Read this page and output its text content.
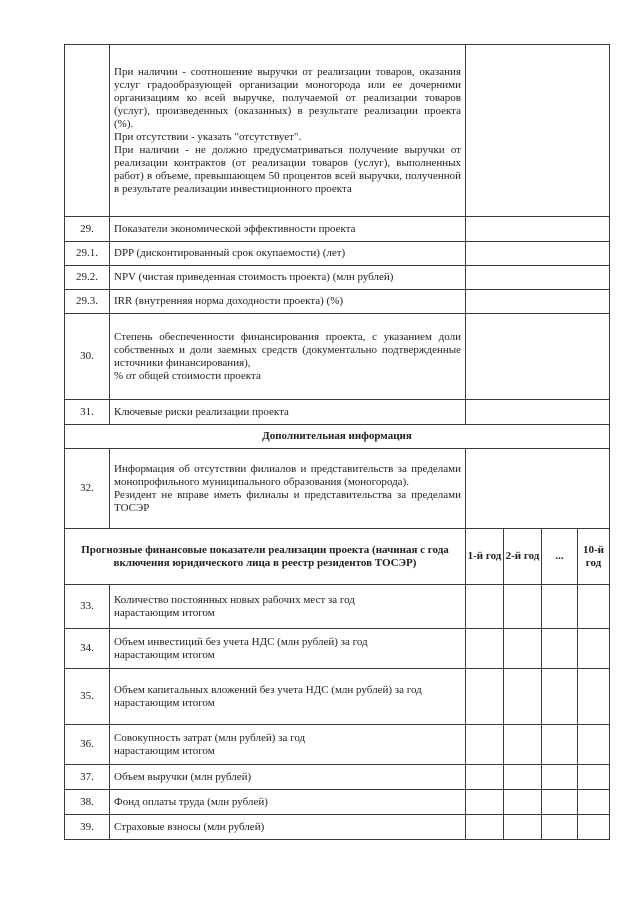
	При наличии - соотношение выручки от реализации товаров, оказания услуг градообразующей организации моногорода или ее дочерними организациям ко всей выручке, получаемой от реализации товаров (услуг), произведенных (оказанных) в результате реализации проекта (%).
При отсутствии - указать "отсутствует".
При наличии - не должно предусматриваться получение выручки от реализации контрактов (от реализации товаров (услуг), выполненных работ) в объеме, превышающем 50 процентов всей выручки, полученной в результате реализации инвестиционного проекта				

29.	Показатели экономической эффективности проекта				
29.1.	DPP (дисконтированный срок окупаемости) (лет)				
29.2.	NPV (чистая приведенная стоимость проекта) (млн рублей)				
29.3.	IRR (внутренняя норма доходности проекта) (%)				
30.	Степень обеспеченности финансирования проекта, с указанием доли собственных и доли заемных средств (документально подтвержденные источники финансирования),
% от общей стоимости проекта				

31.	Ключевые риски реализации проекта				
Дополнительная информация					
32.	Информация об отсутствии филиалов и представительств за пределами монопрофильного муниципального образования (моногорода).
Резидент не вправе иметь филиалы и представительства за пределами ТОСЭР				

Прогнозные финансовые показатели реализации проекта (начиная с года включения юридического лица в реестр резидентов ТОСЭР)		1-й год	2-й год	...	10-й год
33.	Количество постоянных новых рабочих мест за год
нарастающим итогом				

34.	Объем инвестиций без учета НДС (млн рублей) за год
нарастающим итогом				

35.	Объем капитальных вложений без учета НДС (млн рублей) за год
нарастающим итогом				

36.	Совокупность затрат (млн рублей) за год
нарастающим итогом				

37.	Объем выручки (млн рублей)				
38.	Фонд оплаты труда (млн рублей)				
39.	Страховые взносы (млн рублей)				
